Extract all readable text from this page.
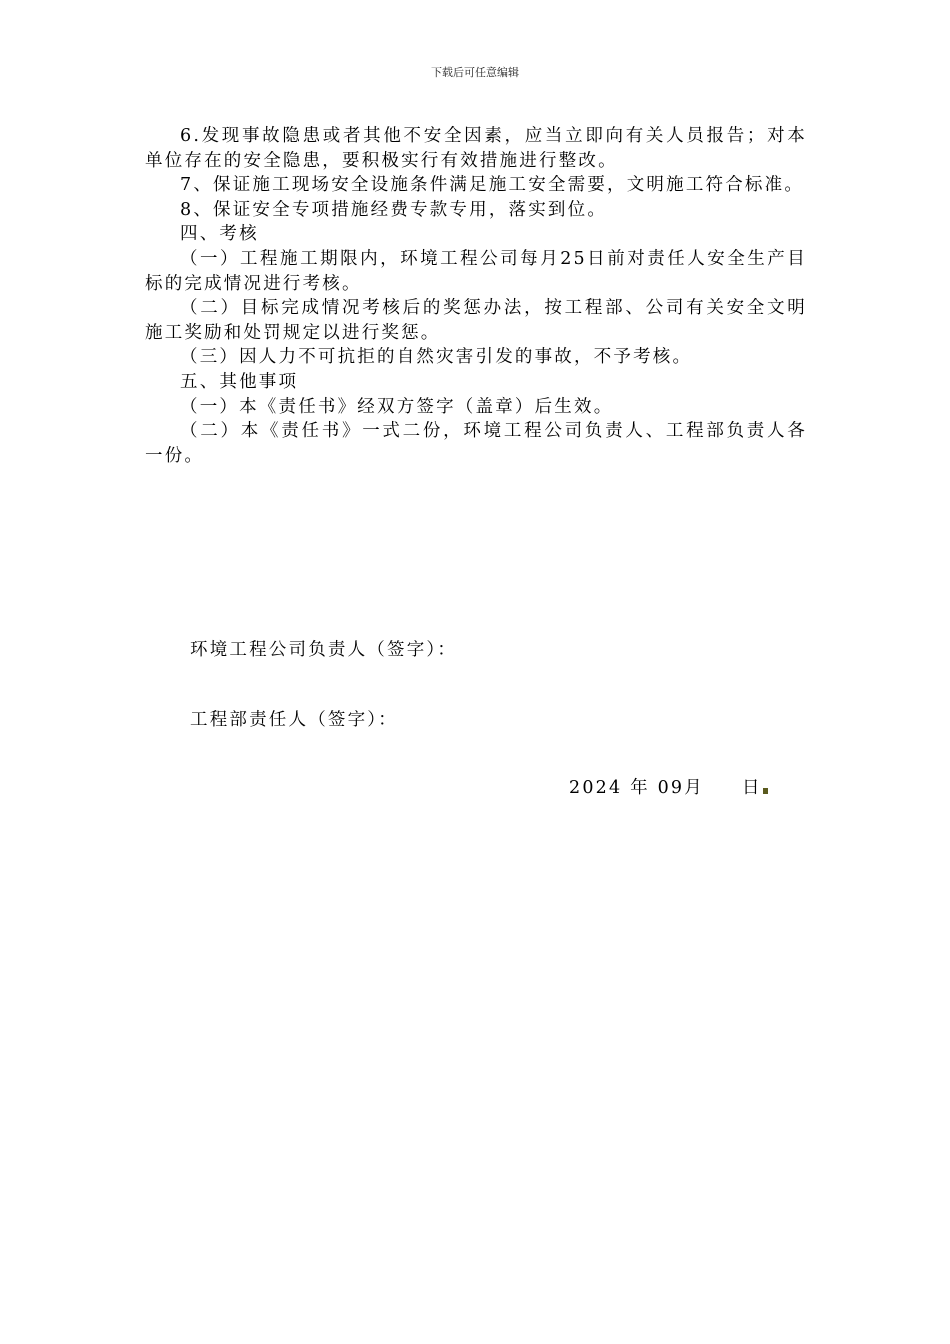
下载后可任意编辑

6.发现事故隐患或者其他不安全因素，应当立即向有关人员报告；对本单位存在的安全隐患，要积极实行有效措施进行整改。

7、保证施工现场安全设施条件满足施工安全需要，文明施工符合标准。

8、保证安全专项措施经费专款专用，落实到位。

四、考核

（一）工程施工期限内，环境工程公司每月25日前对责任人安全生产目标的完成情况进行考核。

（二）目标完成情况考核后的奖惩办法，按工程部、公司有关安全文明施工奖励和处罚规定以进行奖惩。

（三）因人力不可抗拒的自然灾害引发的事故，不予考核。

五、其他事项

（一）本《责任书》经双方签字（盖章）后生效。

（二）本《责任书》一式二份，环境工程公司负责人、工程部负责人各一份。

环境工程公司负责人（签字）：
工程部责任人（签字）：
2024 年 09月 日
